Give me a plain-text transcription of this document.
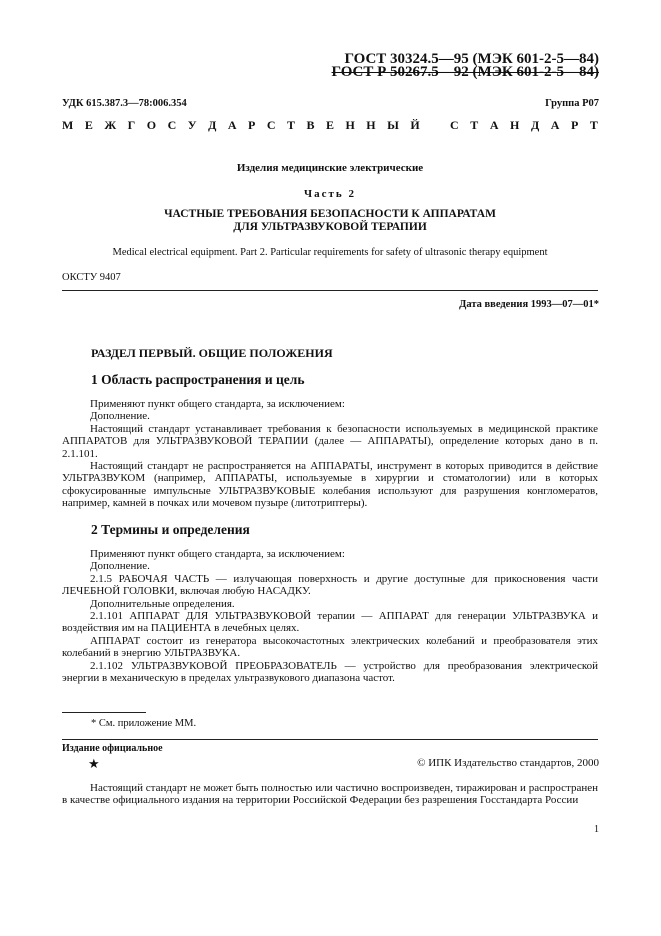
ГОСТ 30324.5—95 (МЭК 601-2-5—84)
ГОСТ Р 50267.5—92 (МЭК 601-2-5—84)
УДК 615.387.3—78:006.354	Группа Р07
М Е Ж Г О С У Д А Р С Т В Е Н Н Ы Й	С Т А Н Д А Р Т
Изделия медицинские электрические
Часть 2
ЧАСТНЫЕ ТРЕБОВАНИЯ БЕЗОПАСНОСТИ К АППАРАТАМ
ДЛЯ УЛЬТРАЗВУКОВОЙ ТЕРАПИИ
Medical electrical equipment. Part 2. Particular requirements for safety of ultrasonic therapy equipment
ОКСТУ 9407
Дата введения 1993—07—01*
РАЗДЕЛ ПЕРВЫЙ. ОБЩИЕ ПОЛОЖЕНИЯ
1 Область распространения и цель

Применяют пункт общего стандарта, за исключением:

Дополнение.

Настоящий стандарт устанавливает требования к безопасности используемых в медицинской практике АППАРАТОВ для УЛЬТРАЗВУКОВОЙ ТЕРАПИИ (далее — АППАРАТЫ), определение которых дано в п. 2.1.101.

Настоящий стандарт не распространяется на АППАРАТЫ, инструмент в которых приводится в действие УЛЬТРАЗВУКОМ (например, АППАРАТЫ, используемые в хирургии и стоматологии) или в которых сфокусированные импульсные УЛЬТРАЗВУКОВЫЕ колебания используют для разрушения конгломератов, например, камней в почках или мочевом пузыре (литотриптеры).

2 Термины и определения

Применяют пункт общего стандарта, за исключением:

Дополнение.

2.1.5 РАБОЧАЯ ЧАСТЬ — излучающая поверхность и другие доступные для прикосновения части ЛЕЧЕБНОЙ ГОЛОВКИ, включая любую НАСАДКУ.

Дополнительные определения.

2.1.101 АППАРАТ ДЛЯ УЛЬТРАЗВУКОВОЙ терапии — АППАРАТ для генерации УЛЬТРАЗВУКА и воздействия им на ПАЦИЕНТА в лечебных целях.

АППАРАТ состоит из генератора высокочастотных электрических колебаний и преобразователя этих колебаний в энергию УЛЬТРАЗВУКА.

2.1.102 УЛЬТРАЗВУКОВОЙ ПРЕОБРАЗОВАТЕЛЬ — устройство для преобразования электрической энергии в механическую в пределах ультразвукового диапазона частот.

* См. приложение ММ.
Издание официальное
★	© ИПК Издательство стандартов, 2000

Настоящий стандарт не может быть полностью или частично воспроизведен, тиражирован и распространен в качестве официального издания на территории Российской Федерации без разрешения Госстандарта России

1
